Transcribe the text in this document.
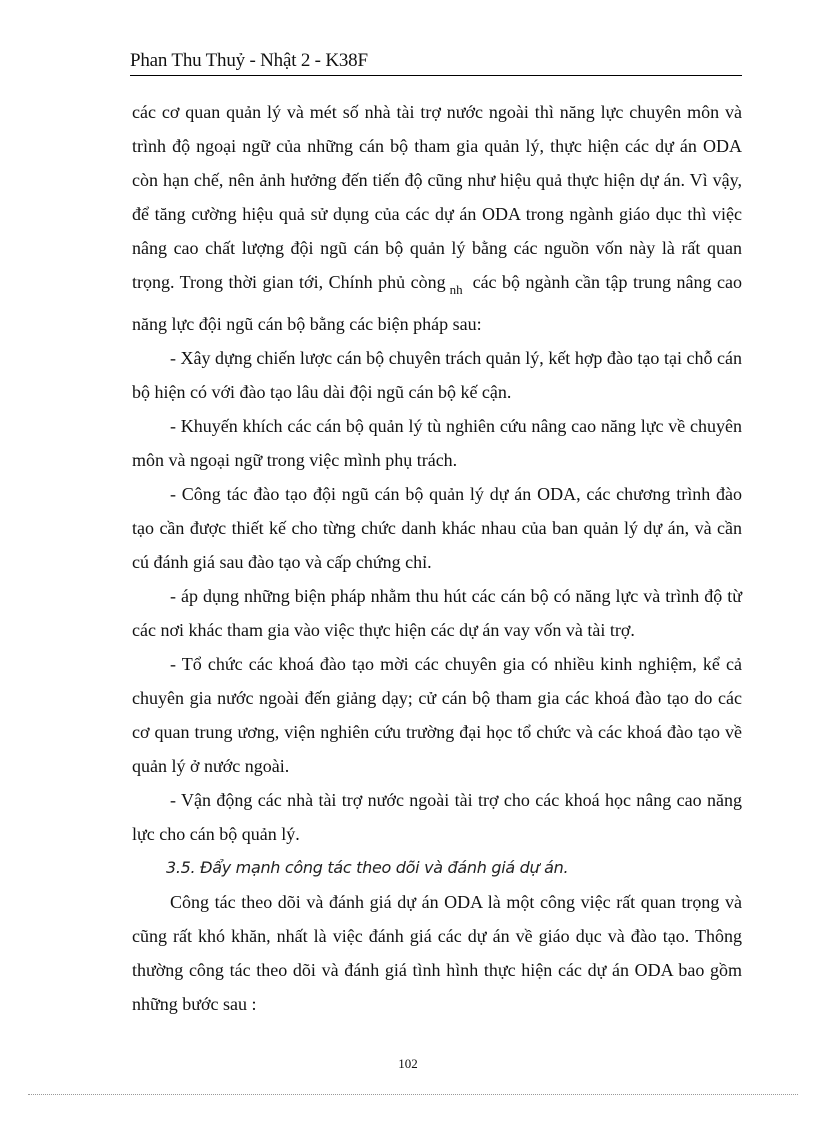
Phan Thu Thuỷ - Nhật 2 - K38F

các cơ quan quản lý và mét số nhà tài trợ nước ngoài thì năng lực chuyên môn và trình độ ngoại ngữ của những cán bộ tham gia quản lý, thực hiện các dự án ODA còn hạn chế, nên ảnh hưởng đến tiến độ cũng như hiệu quả thực hiện dự án. Vì vậy, để tăng cường hiệu quả sử dụng của các dự án ODA trong ngành giáo dục thì việc nâng cao chất lượng đội ngũ cán bộ quản lý bằng các nguồn vốn này là rất quan trọng. Trong thời gian tới, Chính phủ còng $_{nh}$ các bộ ngành cần tập trung nâng cao năng lực đội ngũ cán bộ bằng các biện pháp sau:

- Xây dựng chiến lược cán bộ chuyên trách quản lý, kết hợp đào tạo tại chỗ cán bộ hiện có với đào tạo lâu dài đội ngũ cán bộ kế cận.

- Khuyến khích các cán bộ quản lý tù nghiên cứu nâng cao năng lực về chuyên môn và ngoại ngữ trong việc mình phụ trách.

- Công tác đào tạo đội ngũ cán bộ quản lý dự án ODA, các chương trình đào tạo cần được thiết kế cho từng chức danh khác nhau của ban quản lý dự án, và cần cú đánh giá sau đào tạo và cấp chứng chỉ.

- áp dụng những biện pháp nhằm thu hút các cán bộ có năng lực và trình độ từ các nơi khác tham gia vào việc thực hiện các dự án vay vốn và tài trợ.

- Tổ chức các khoá đào tạo mời các chuyên gia có nhiều kinh nghiệm, kể cả chuyên gia nước ngoài đến giảng dạy; cử cán bộ tham gia các khoá đào tạo do các cơ quan trung ương, viện nghiên cứu trường đại học tổ chức và các khoá đào tạo về quản lý ở nước ngoài.

- Vận động các nhà tài trợ nước ngoài tài trợ cho các khoá học nâng cao năng lực cho cán bộ quản lý.

3.5. Đẩy mạnh công tác theo dõi và đánh giá dự án.

Công tác theo dõi và đánh giá dự án ODA là một công việc rất quan trọng và cũng rất khó khăn, nhất là việc đánh giá các dự án về giáo dục và đào tạo. Thông thường công tác theo dõi và đánh giá tình hình thực hiện các dự án ODA bao gồm những bước sau :

102
